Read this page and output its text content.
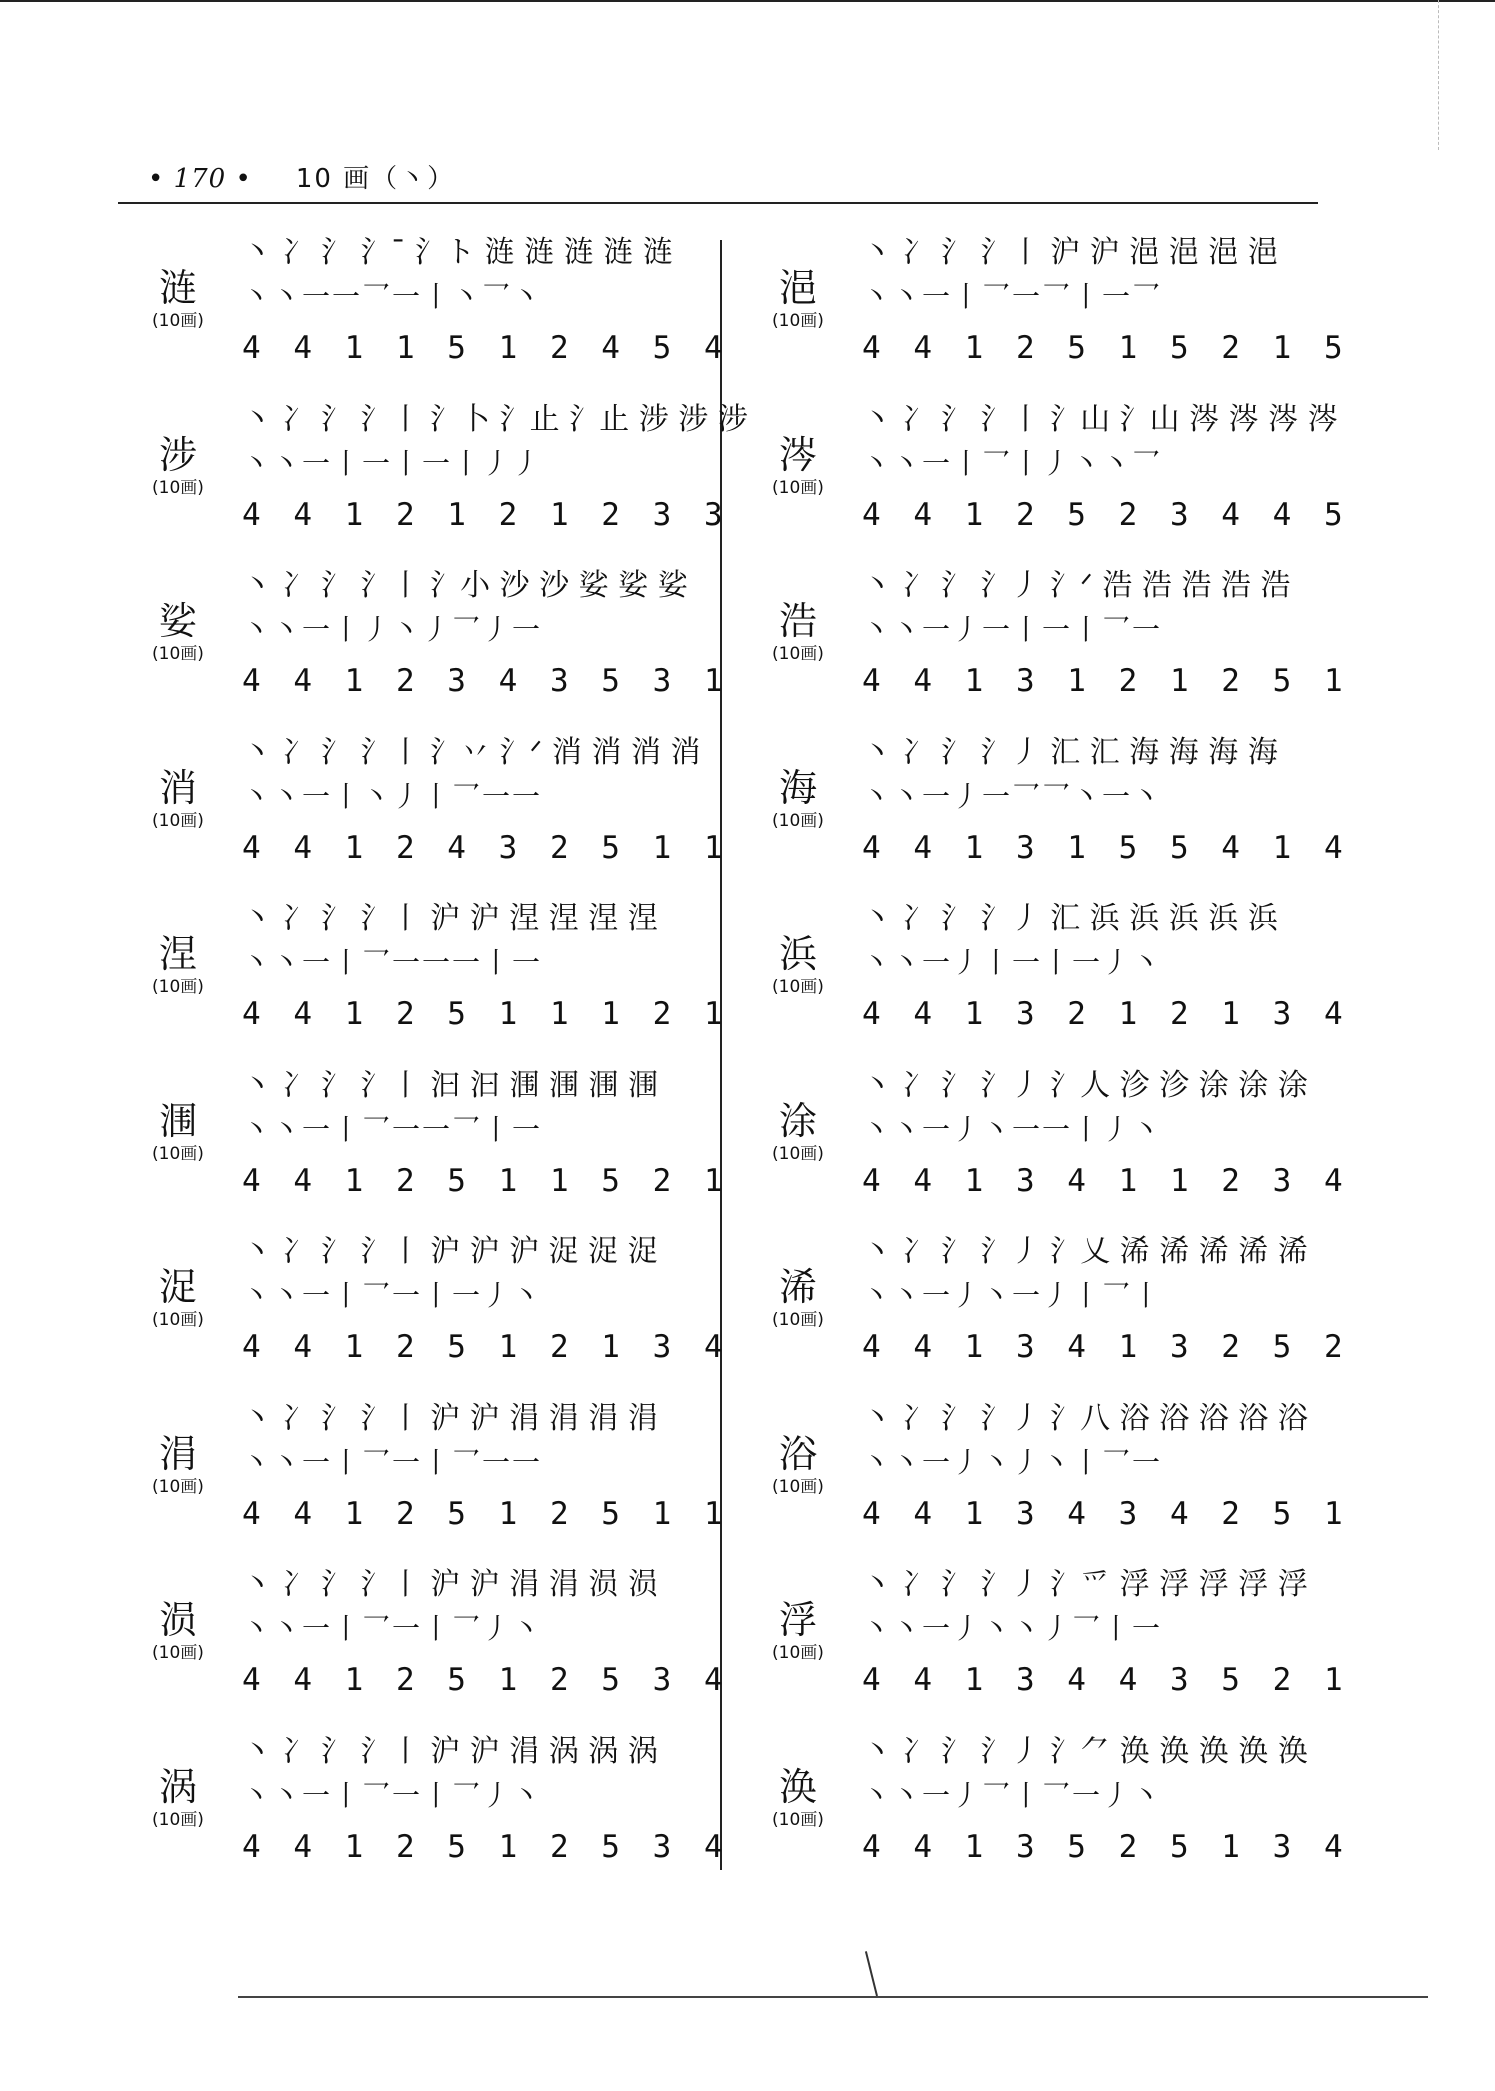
• 170 • 10 画（丶）
涟
(10画)
丶 冫 氵 氵ˉ 氵ト 涟 涟 涟 涟 涟
丶丶一一乛一丨丶乛丶
4 4 1 1 5 1 2 4 5 4
涉
(10画)
丶 冫 氵 氵丨 氵卜 氵止 氵止 涉 涉 涉
丶丶一丨一丨一丨丿丿
4 4 1 2 1 2 1 2 3 3
娑
(10画)
丶 冫 氵 氵丨 氵小 沙 沙 娑 娑 娑
丶丶一丨丿丶丿乛丿一
4 4 1 2 3 4 3 5 3 1
消
(10画)
丶 冫 氵 氵丨 氵丷 氵ᐟ 消 消 消 消
丶丶一丨丶丿丨乛一一
4 4 1 2 4 3 2 5 1 1
涅
(10画)
丶 冫 氵 氵丨 沪 沪 涅 涅 涅 涅
丶丶一丨乛一一一丨一
4 4 1 2 5 1 1 1 2 1
涠
(10画)
丶 冫 氵 氵丨 汩 汩 涠 涠 涠 涠
丶丶一丨乛一一乛丨一
4 4 1 2 5 1 1 5 2 1
浞
(10画)
丶 冫 氵 氵丨 沪 沪 沪 浞 浞 浞
丶丶一丨乛一丨一丿丶
4 4 1 2 5 1 2 1 3 4
涓
(10画)
丶 冫 氵 氵丨 沪 沪 涓 涓 涓 涓
丶丶一丨乛一丨乛一一
4 4 1 2 5 1 2 5 1 1
涢
(10画)
丶 冫 氵 氵丨 沪 沪 涓 涓 涢 涢
丶丶一丨乛一丨乛丿丶
4 4 1 2 5 1 2 5 3 4
涡
(10画)
丶 冫 氵 氵丨 沪 沪 涓 涡 涡 涡
丶丶一丨乛一丨乛丿丶
4 4 1 2 5 1 2 5 3 4
浥
(10画)
丶 冫 氵 氵丨 沪 沪 浥 浥 浥 浥
丶丶一丨乛一乛丨一乛
4 4 1 2 5 1 5 2 1 5
涔
(10画)
丶 冫 氵 氵丨 氵山 氵山 涔 涔 涔 涔
丶丶一丨乛丨丿丶丶乛
4 4 1 2 5 2 3 4 4 5
浩
(10画)
丶 冫 氵 氵丿 氵ᐟ 浩 浩 浩 浩 浩
丶丶一丿一丨一丨乛一
4 4 1 3 1 2 1 2 5 1
海
(10画)
丶 冫 氵 氵丿 汇 汇 海 海 海 海
丶丶一丿一乛乛丶一丶
4 4 1 3 1 5 5 4 1 4
浜
(10画)
丶 冫 氵 氵丿 汇 浜 浜 浜 浜 浜
丶丶一丿丨一丨一丿丶
4 4 1 3 2 1 2 1 3 4
涂
(10画)
丶 冫 氵 氵丿 氵人 沴 沴 涂 涂 涂
丶丶一丿丶一一丨丿丶
4 4 1 3 4 1 1 2 3 4
浠
(10画)
丶 冫 氵 氵丿 氵乂 浠 浠 浠 浠 浠
丶丶一丿丶一丿丨乛丨
4 4 1 3 4 1 3 2 5 2
浴
(10画)
丶 冫 氵 氵丿 氵八 浴 浴 浴 浴 浴
丶丶一丿丶丿丶丨乛一
4 4 1 3 4 3 4 2 5 1
浮
(10画)
丶 冫 氵 氵丿 氵爫 浮 浮 浮 浮 浮
丶丶一丿丶丶丿乛丨一
4 4 1 3 4 4 3 5 2 1
涣
(10画)
丶 冫 氵 氵丿 氵⺈ 涣 涣 涣 涣 涣
丶丶一丿乛丨乛一丿丶
4 4 1 3 5 2 5 1 3 4
